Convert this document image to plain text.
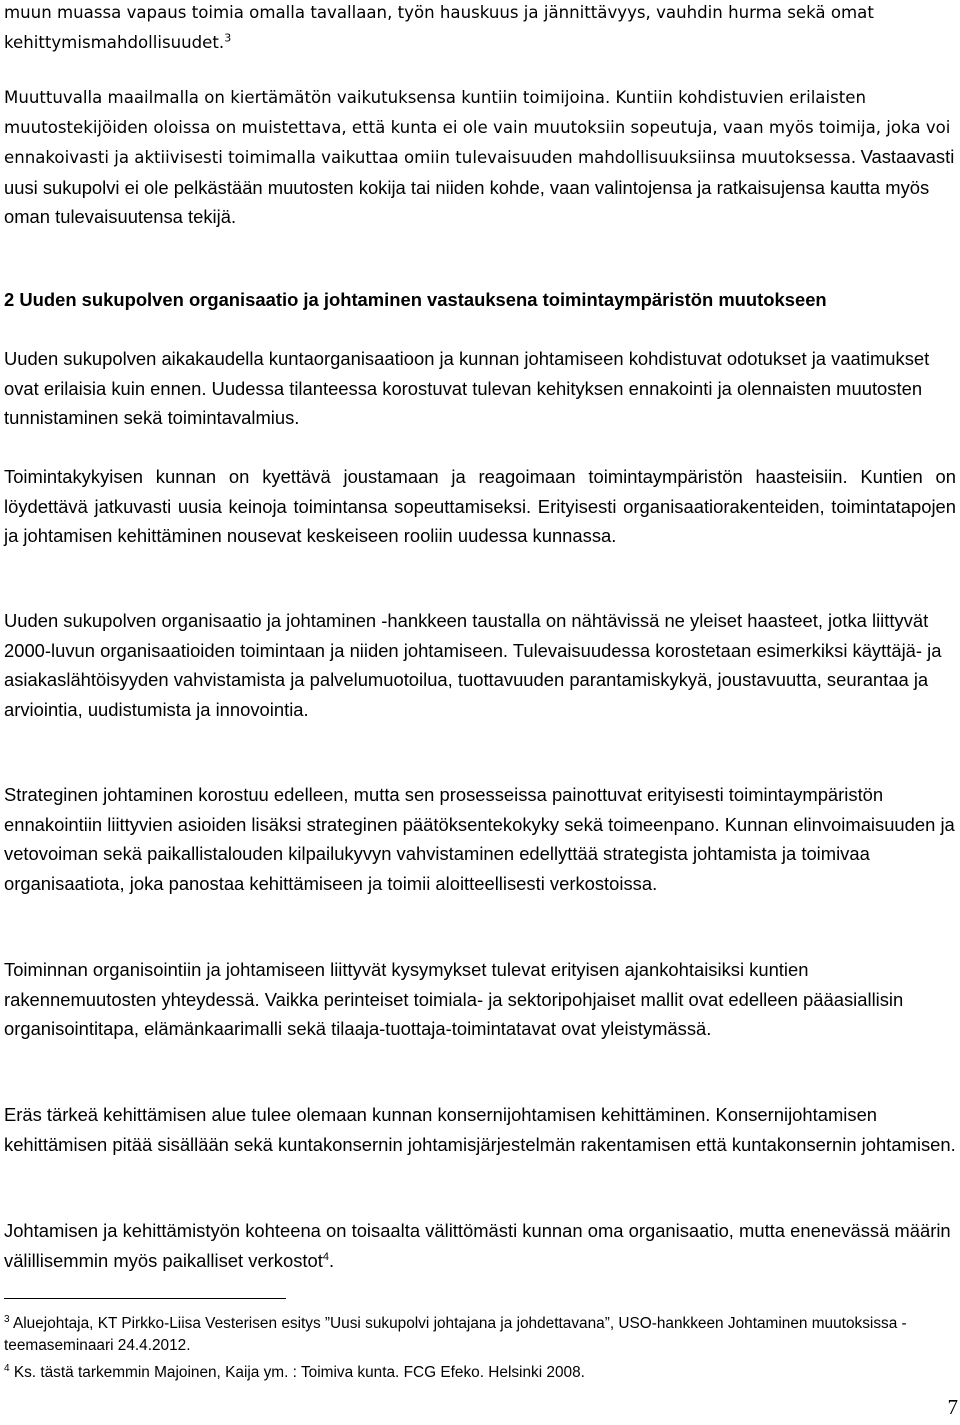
muun muassa vapaus toimia omalla tavallaan, työn hauskuus ja jännittävyys, vauhdin hurma sekä omat kehittymismahdollisuudet.$^3$

Muuttuvalla maailmalla on kiertämätön vaikutuksensa kuntiin toimijoina. Kuntiin kohdistuvien erilaisten muutostekijöiden oloissa on muistettava, että kunta ei ole vain muutoksiin sopeutuja, vaan myös toimija, joka voi ennakoivasti ja aktiivisesti toimimalla vaikuttaa omiin tulevaisuuden mahdollisuuksiinsa muutoksessa. Vastaavasti uusi sukupolvi ei ole pelkästään muutosten kokija tai niiden kohde, vaan valintojensa ja ratkaisujensa kautta myös oman tulevaisuutensa tekijä.

2 Uuden sukupolven organisaatio ja johtaminen vastauksena toimintaympäristön muutokseen

Uuden sukupolven aikakaudella kuntaorganisaatioon ja kunnan johtamiseen kohdistuvat odotukset ja vaatimukset ovat erilaisia kuin ennen. Uudessa tilanteessa korostuvat tulevan kehityksen ennakointi ja olennaisten muutosten tunnistaminen sekä toimintavalmius.

Toimintakykyisen kunnan on kyettävä joustamaan ja reagoimaan toimintaympäristön haasteisiin. Kuntien on löydettävä jatkuvasti uusia keinoja toimintansa sopeuttamiseksi. Erityisesti organisaatiorakenteiden, toimintatapojen ja johtamisen kehittäminen nousevat keskeiseen rooliin uudessa kunnassa.

Uuden sukupolven organisaatio ja johtaminen -hankkeen taustalla on nähtävissä ne yleiset haasteet, jotka liittyvät 2000-luvun organisaatioiden toimintaan ja niiden johtamiseen. Tulevaisuudessa korostetaan esimerkiksi käyttäjä- ja asiakaslähtöisyyden vahvistamista ja palvelumuotoilua, tuottavuuden parantamiskykyä, joustavuutta, seurantaa ja arviointia, uudistumista ja innovointia.

Strateginen johtaminen korostuu edelleen, mutta sen prosesseissa painottuvat erityisesti toimintaympäristön ennakointiin liittyvien asioiden lisäksi strateginen päätöksentekokyky sekä toimeenpano. Kunnan elinvoimaisuuden ja vetovoiman sekä paikallistalouden kilpailukyvyn vahvistaminen edellyttää strategista johtamista ja toimivaa organisaatiota, joka panostaa kehittämiseen ja toimii aloitteellisesti verkostoissa.

Toiminnan organisointiin ja johtamiseen liittyvät kysymykset tulevat erityisen ajankohtaisiksi kuntien rakennemuutosten yhteydessä. Vaikka perinteiset toimiala- ja sektoripohjaiset mallit ovat edelleen pääasiallisin organisointitapa, elämänkaarimalli sekä tilaaja-tuottaja-toimintatavat ovat yleistymässä.

Eräs tärkeä kehittämisen alue tulee olemaan kunnan konsernijohtamisen kehittäminen. Konsernijohtamisen kehittämisen pitää sisällään sekä kuntakonsernin johtamisjärjestelmän rakentamisen että kuntakonsernin johtamisen.

Johtamisen ja kehittämistyön kohteena on toisaalta välittömästi kunnan oma organisaatio, mutta enenevässä määrin välillisemmin myös paikalliset verkostot$^4$.

$^3$ Aluejohtaja, KT Pirkko-Liisa Vesterisen esitys ”Uusi sukupolvi johtajana ja johdettavana”, USO-hankkeen Johtaminen muutoksissa -teemaseminaari 24.4.2012.

$^4$ Ks. tästä tarkemmin Majoinen, Kaija ym. : Toimiva kunta. FCG Efeko. Helsinki 2008.

7
